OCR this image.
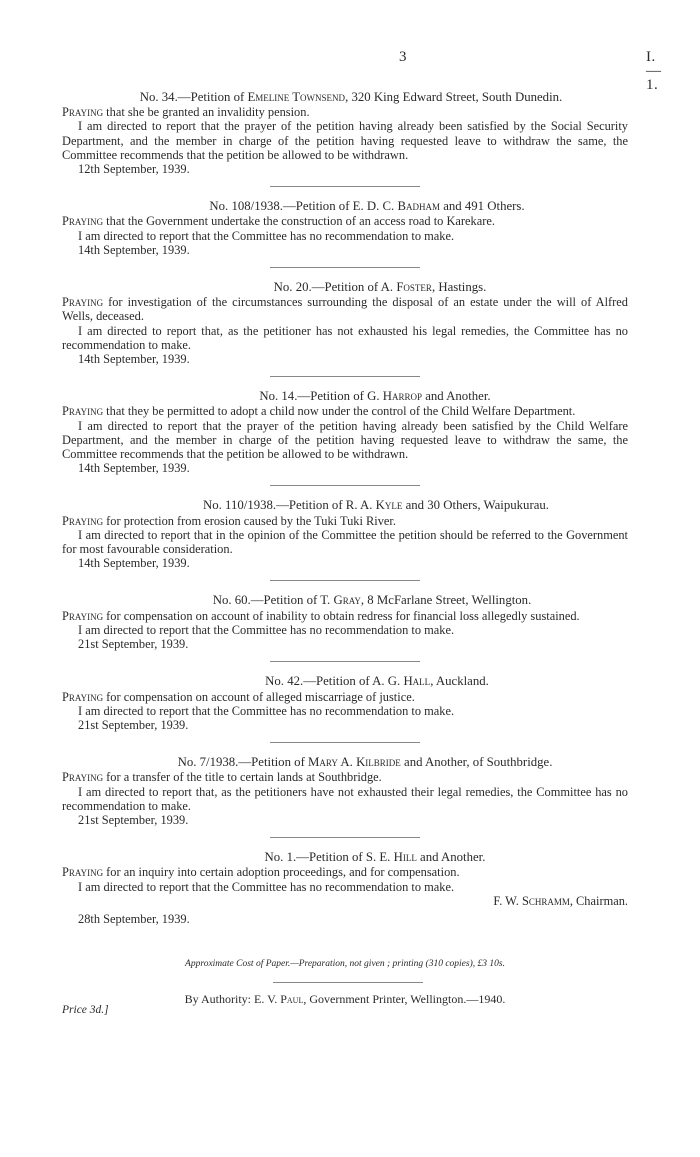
3	I.—1.
No. 34.—Petition of Emeline Townsend, 320 King Edward Street, South Dunedin.

Praying that she be granted an invalidity pension.

I am directed to report that the prayer of the petition having already been satisfied by the Social Security Department, and the member in charge of the petition having requested leave to withdraw the same, the Committee recommends that the petition be allowed to be withdrawn.

12th September, 1939.
No. 108/1938.—Petition of E. D. C. Badham and 491 Others.

Praying that the Government undertake the construction of an access road to Karekare.

I am directed to report that the Committee has no recommendation to make.

14th September, 1939.
No. 20.—Petition of A. Foster, Hastings.

Praying for investigation of the circumstances surrounding the disposal of an estate under the will of Alfred Wells, deceased.

I am directed to report that, as the petitioner has not exhausted his legal remedies, the Committee has no recommendation to make.

14th September, 1939.
No. 14.—Petition of G. Harrop and Another.

Praying that they be permitted to adopt a child now under the control of the Child Welfare Department.

I am directed to report that the prayer of the petition having already been satisfied by the Child Welfare Department, and the member in charge of the petition having requested leave to withdraw the same, the Committee recommends that the petition be allowed to be withdrawn.

14th September, 1939.
No. 110/1938.—Petition of R. A. Kyle and 30 Others, Waipukurau.

Praying for protection from erosion caused by the Tuki Tuki River.

I am directed to report that in the opinion of the Committee the petition should be referred to the Government for most favourable consideration.

14th September, 1939.
No. 60.—Petition of T. Gray, 8 McFarlane Street, Wellington.

Praying for compensation on account of inability to obtain redress for financial loss allegedly sustained.

I am directed to report that the Committee has no recommendation to make.

21st September, 1939.
No. 42.—Petition of A. G. Hall, Auckland.

Praying for compensation on account of alleged miscarriage of justice.

I am directed to report that the Committee has no recommendation to make.

21st September, 1939.
No. 7/1938.—Petition of Mary A. Kilbride and Another, of Southbridge.

Praying for a transfer of the title to certain lands at Southbridge.

I am directed to report that, as the petitioners have not exhausted their legal remedies, the Committee has no recommendation to make.

21st September, 1939.
No. 1.—Petition of S. E. Hill and Another.

Praying for an inquiry into certain adoption proceedings, and for compensation.

I am directed to report that the Committee has no recommendation to make.

F. W. Schramm, Chairman.
28th September, 1939.
Approximate Cost of Paper.—Preparation, not given ; printing (310 copies), £3 10s.
By Authority: E. V. Paul, Government Printer, Wellington.—1940.
Price 3d.]
